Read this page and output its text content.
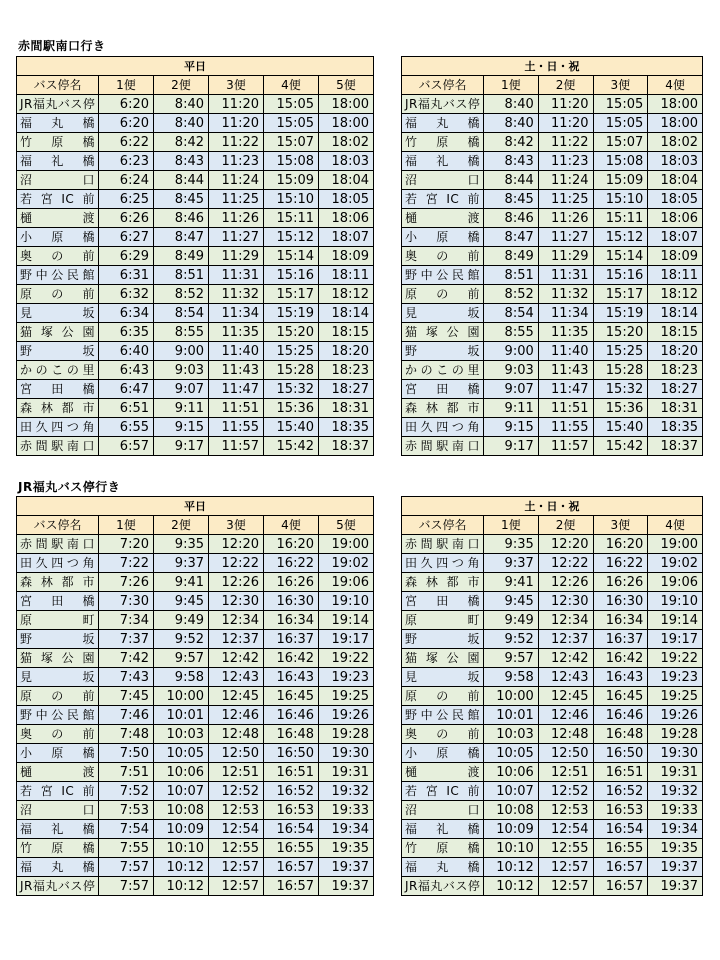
赤間駅南口行き
平日					
バス停名	1便	2便	3便	4便	5便
JR福丸バス停	6:20	8:40	11:20	15:05	18:00
福丸橋	6:20	8:40	11:20	15:05	18:00
竹原橋	6:22	8:42	11:22	15:07	18:02
福礼橋	6:23	8:43	11:23	15:08	18:03
沼口	6:24	8:44	11:24	15:09	18:04
若宮IC前	6:25	8:45	11:25	15:10	18:05
樋渡	6:26	8:46	11:26	15:11	18:06
小原橋	6:27	8:47	11:27	15:12	18:07
奥の前	6:29	8:49	11:29	15:14	18:09
野中公民館	6:31	8:51	11:31	15:16	18:11
原の前	6:32	8:52	11:32	15:17	18:12
見坂	6:34	8:54	11:34	15:19	18:14
猫塚公園	6:35	8:55	11:35	15:20	18:15
野坂	6:40	9:00	11:40	15:25	18:20
かのこの里	6:43	9:03	11:43	15:28	18:23
宮田橋	6:47	9:07	11:47	15:32	18:27
森林都市	6:51	9:11	11:51	15:36	18:31
田久四つ角	6:55	9:15	11:55	15:40	18:35
赤間駅南口	6:57	9:17	11:57	15:42	18:37
土・日・祝				
バス停名	1便	2便	3便	4便
JR福丸バス停	8:40	11:20	15:05	18:00
福丸橋	8:40	11:20	15:05	18:00
竹原橋	8:42	11:22	15:07	18:02
福礼橋	8:43	11:23	15:08	18:03
沼口	8:44	11:24	15:09	18:04
若宮IC前	8:45	11:25	15:10	18:05
樋渡	8:46	11:26	15:11	18:06
小原橋	8:47	11:27	15:12	18:07
奥の前	8:49	11:29	15:14	18:09
野中公民館	8:51	11:31	15:16	18:11
原の前	8:52	11:32	15:17	18:12
見坂	8:54	11:34	15:19	18:14
猫塚公園	8:55	11:35	15:20	18:15
野坂	9:00	11:40	15:25	18:20
かのこの里	9:03	11:43	15:28	18:23
宮田橋	9:07	11:47	15:32	18:27
森林都市	9:11	11:51	15:36	18:31
田久四つ角	9:15	11:55	15:40	18:35
赤間駅南口	9:17	11:57	15:42	18:37
JR福丸バス停行き
平日					
バス停名	1便	2便	3便	4便	5便
赤間駅南口	7:20	9:35	12:20	16:20	19:00
田久四つ角	7:22	9:37	12:22	16:22	19:02
森林都市	7:26	9:41	12:26	16:26	19:06
宮田橋	7:30	9:45	12:30	16:30	19:10
原町	7:34	9:49	12:34	16:34	19:14
野坂	7:37	9:52	12:37	16:37	19:17
猫塚公園	7:42	9:57	12:42	16:42	19:22
見坂	7:43	9:58	12:43	16:43	19:23
原の前	7:45	10:00	12:45	16:45	19:25
野中公民館	7:46	10:01	12:46	16:46	19:26
奥の前	7:48	10:03	12:48	16:48	19:28
小原橋	7:50	10:05	12:50	16:50	19:30
樋渡	7:51	10:06	12:51	16:51	19:31
若宮IC前	7:52	10:07	12:52	16:52	19:32
沼口	7:53	10:08	12:53	16:53	19:33
福礼橋	7:54	10:09	12:54	16:54	19:34
竹原橋	7:55	10:10	12:55	16:55	19:35
福丸橋	7:57	10:12	12:57	16:57	19:37
JR福丸バス停	7:57	10:12	12:57	16:57	19:37
土・日・祝				
バス停名	1便	2便	3便	4便
赤間駅南口	9:35	12:20	16:20	19:00
田久四つ角	9:37	12:22	16:22	19:02
森林都市	9:41	12:26	16:26	19:06
宮田橋	9:45	12:30	16:30	19:10
原町	9:49	12:34	16:34	19:14
野坂	9:52	12:37	16:37	19:17
猫塚公園	9:57	12:42	16:42	19:22
見坂	9:58	12:43	16:43	19:23
原の前	10:00	12:45	16:45	19:25
野中公民館	10:01	12:46	16:46	19:26
奥の前	10:03	12:48	16:48	19:28
小原橋	10:05	12:50	16:50	19:30
樋渡	10:06	12:51	16:51	19:31
若宮IC前	10:07	12:52	16:52	19:32
沼口	10:08	12:53	16:53	19:33
福礼橋	10:09	12:54	16:54	19:34
竹原橋	10:10	12:55	16:55	19:35
福丸橋	10:12	12:57	16:57	19:37
JR福丸バス停	10:12	12:57	16:57	19:37
